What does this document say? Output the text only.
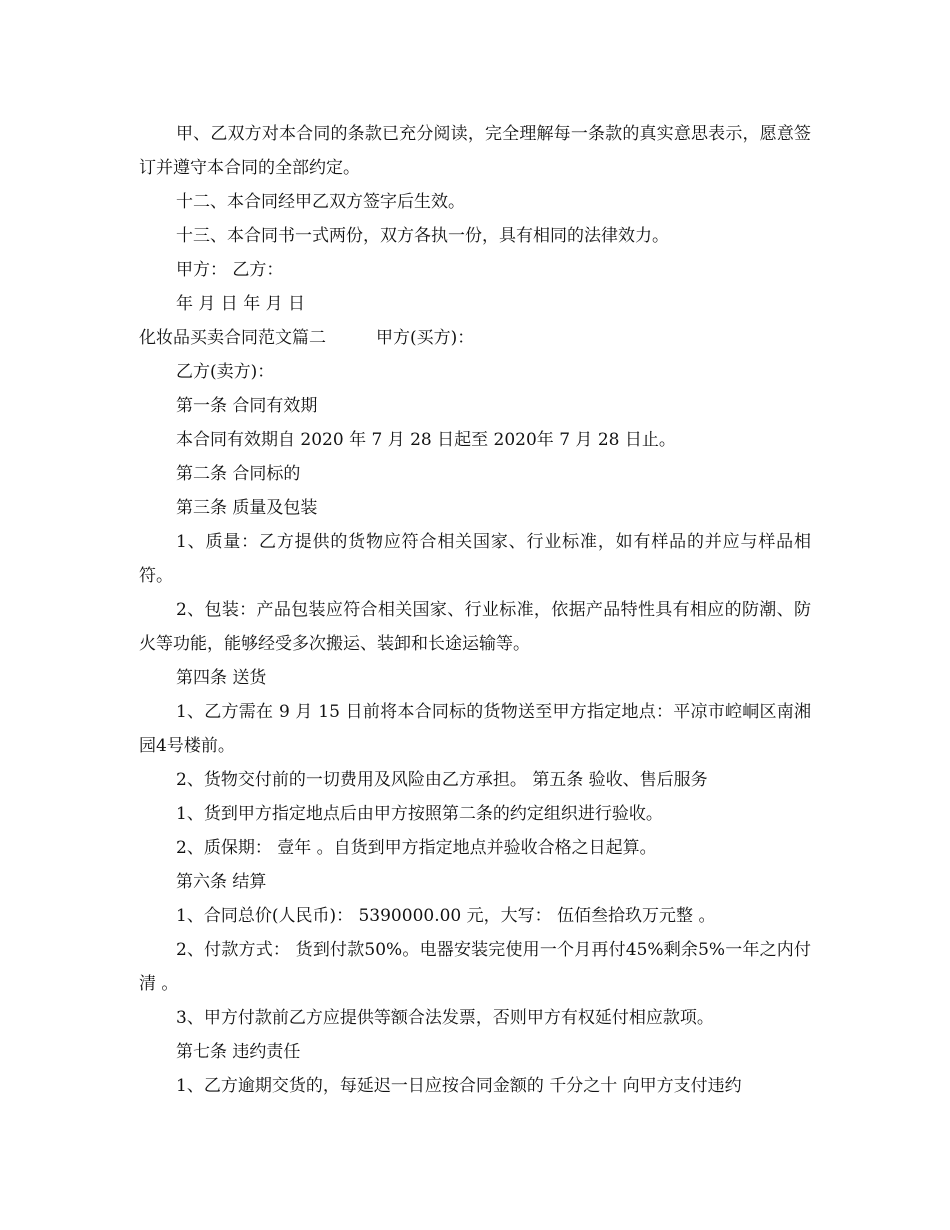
甲、乙双方对本合同的条款已充分阅读，完全理解每一条款的真实意思表示，愿意签订并遵守本合同的全部约定。

十二、本合同经甲乙双方签字后生效。

十三、本合同书一式两份，双方各执一份，具有相同的法律效力。

甲方： 乙方：

年 月 日 年 月 日

化妆品买卖合同范文篇二	甲方(买方)：

乙方(卖方)：

第一条 合同有效期

本合同有效期自 2020 年 7 月 28 日起至 2020年 7 月 28 日止。

第二条 合同标的

第三条 质量及包装

1、质量：乙方提供的货物应符合相关国家、行业标准，如有样品的并应与样品相符。

2、包装：产品包装应符合相关国家、行业标准，依据产品特性具有相应的防潮、防火等功能，能够经受多次搬运、装卸和长途运输等。

第四条 送货

1、乙方需在 9 月 15 日前将本合同标的货物送至甲方指定地点：平凉市崆峒区南湘园4号楼前。

2、货物交付前的一切费用及风险由乙方承担。 第五条 验收、售后服务

1、货到甲方指定地点后由甲方按照第二条的约定组织进行验收。

2、质保期： 壹年 。自货到甲方指定地点并验收合格之日起算。

第六条 结算

1、合同总价(人民币)： 5390000.00 元，大写： 伍佰叁拾玖万元整 。

2、付款方式： 货到付款50%。电器安装完使用一个月再付45%剩余5%一年之内付清 。

3、甲方付款前乙方应提供等额合法发票，否则甲方有权延付相应款项。

第七条 违约责任

1、乙方逾期交货的，每延迟一日应按合同金额的 千分之十 向甲方支付违约
